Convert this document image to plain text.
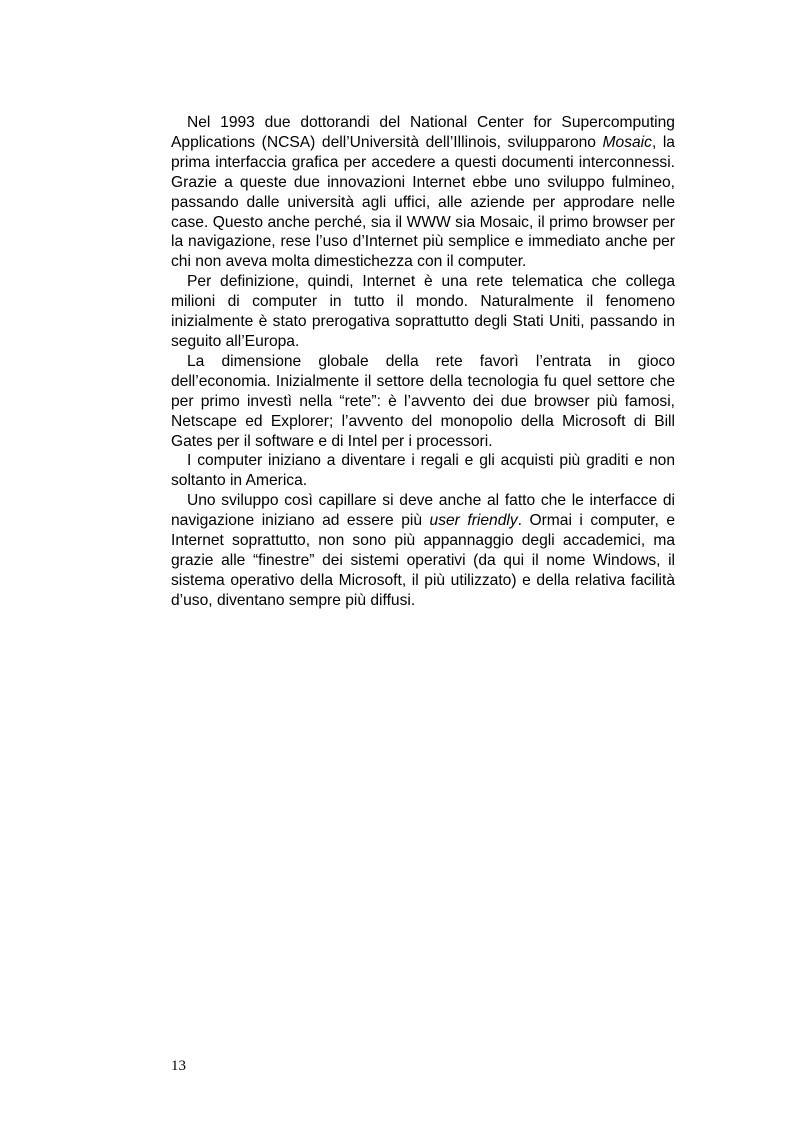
Nel 1993 due dottorandi del National Center for Supercomputing Applications (NCSA) dell’Università dell’Illinois, svilupparono Mosaic, la prima interfaccia grafica per accedere a questi documenti interconnessi. Grazie a queste due innovazioni Internet ebbe uno sviluppo fulmineo, passando dalle università agli uffici, alle aziende per approdare nelle case. Questo anche perché, sia il WWW sia Mosaic, il primo browser per la navigazione, rese l’uso d’Internet più semplice e immediato anche per chi non aveva molta dimestichezza con il computer.

Per definizione, quindi, Internet è una rete telematica che collega milioni di computer in tutto il mondo. Naturalmente il fenomeno inizialmente è stato prerogativa soprattutto degli Stati Uniti, passando in seguito all’Europa.

La dimensione globale della rete favorì l’entrata in gioco dell’economia. Inizialmente il settore della tecnologia fu quel settore che per primo investì nella “rete”: è l’avvento dei due browser più famosi, Netscape ed Explorer; l’avvento del monopolio della Microsoft di Bill Gates per il software e di Intel per i processori.

I computer iniziano a diventare i regali e gli acquisti più graditi e non soltanto in America.

Uno sviluppo così capillare si deve anche al fatto che le interfacce di navigazione iniziano ad essere più user friendly. Ormai i computer, e Internet soprattutto, non sono più appannaggio degli accademici, ma grazie alle “finestre” dei sistemi operativi (da qui il nome Windows, il sistema operativo della Microsoft, il più utilizzato) e della relativa facilità d’uso, diventano sempre più diffusi.

13
